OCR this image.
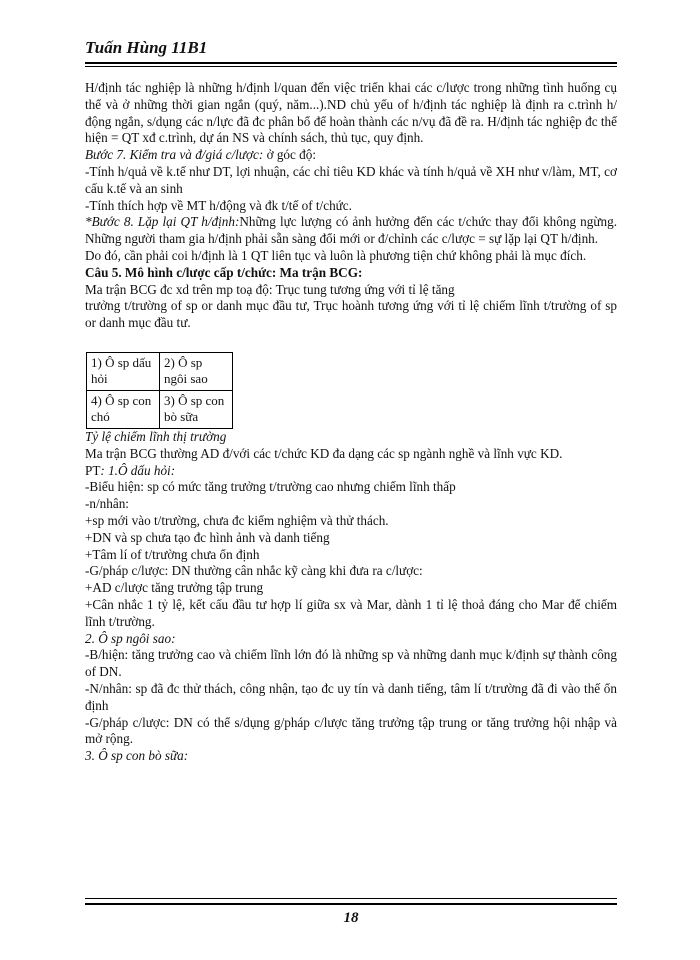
Tuấn Hùng 11B1

H/định tác nghiệp là những h/định l/quan đến việc triển khai các c/lược trong những tình huống cụ thể và ở những thời gian ngắn (quý, năm...).ND chủ yếu of h/định tác nghiệp là định ra c.trình h/động ngắn, s/dụng các n/lực đã đc phân bổ để hoàn thành các n/vụ đã đề ra. H/định tác nghiệp đc thể hiện = QT xđ c.trình, dự án NS và chính sách, thủ tục, quy định.

Bước 7. Kiểm tra và đ/giá c/lược: ở góc độ:

-Tính h/quả về k.tế như DT, lợi nhuận, các chỉ tiêu KD khác và tính h/quả về XH như v/làm, MT, cơ cấu k.tế và an sinh

-Tính thích hợp về MT h/động và đk t/tế of t/chức.

*Bước 8. Lặp lại QT h/định:Những lực lượng có ảnh hưởng đến các t/chức thay đổi không ngừng. Những người tham gia h/định phải sẵn sàng đổi mới or đ/chỉnh các c/lược = sự lặp lại QT h/định.

Do đó, cần phải coi h/định là 1 QT liên tục và luôn là phương tiện chứ không phải là mục đích.

Câu 5. Mô hình c/lược cấp t/chức: Ma trận BCG:

Ma trận BCG đc xd trên mp toạ độ: Trục tung tương ứng với tỉ lệ tăng

trưởng t/trường of sp or danh mục đầu tư, Trục hoành tương ứng với tỉ lệ chiếm lĩnh t/trường of sp or danh mục đầu tư.

1) Ô sp dấu hỏi	2) Ô sp ngôi sao
4) Ô sp con chó	3) Ô sp con bò sữa

Tỷ lệ chiếm lĩnh thị trường

Ma trận BCG thường AD đ/với các t/chức KD đa dạng các sp ngành nghề và lĩnh vực KD.

PT: 1.Ô dấu hỏi:

-Biểu hiện: sp có mức tăng trưởng t/trường cao nhưng chiếm lĩnh thấp

-n/nhân:

+sp mới vào t/trường, chưa đc kiểm nghiệm và thử thách.

+DN và sp chưa tạo đc hình ảnh và danh tiếng

+Tâm lí of t/trường chưa ổn định

-G/pháp c/lược: DN thường cân nhắc kỹ càng khi đưa ra c/lược:

+AD c/lược tăng trưởng tập trung

+Cân nhắc 1 tỷ lệ, kết cấu đầu tư hợp lí giữa sx và Mar, dành 1 tỉ lệ thoả đáng cho Mar để chiếm lĩnh t/trường.

2. Ô sp ngôi sao:

-B/hiện: tăng trưởng cao và chiếm lĩnh lớn đó là những sp và những danh mục k/định sự thành công of DN.

-N/nhân: sp đã đc thử thách, công nhận, tạo đc uy tín và danh tiếng, tâm lí t/trường đã đi vào thế ổn định

-G/pháp c/lược: DN có thể s/dụng g/pháp c/lược tăng trưởng tập trung or tăng trưởng hội nhập và mở rộng.

3. Ô sp con bò sữa:

18
